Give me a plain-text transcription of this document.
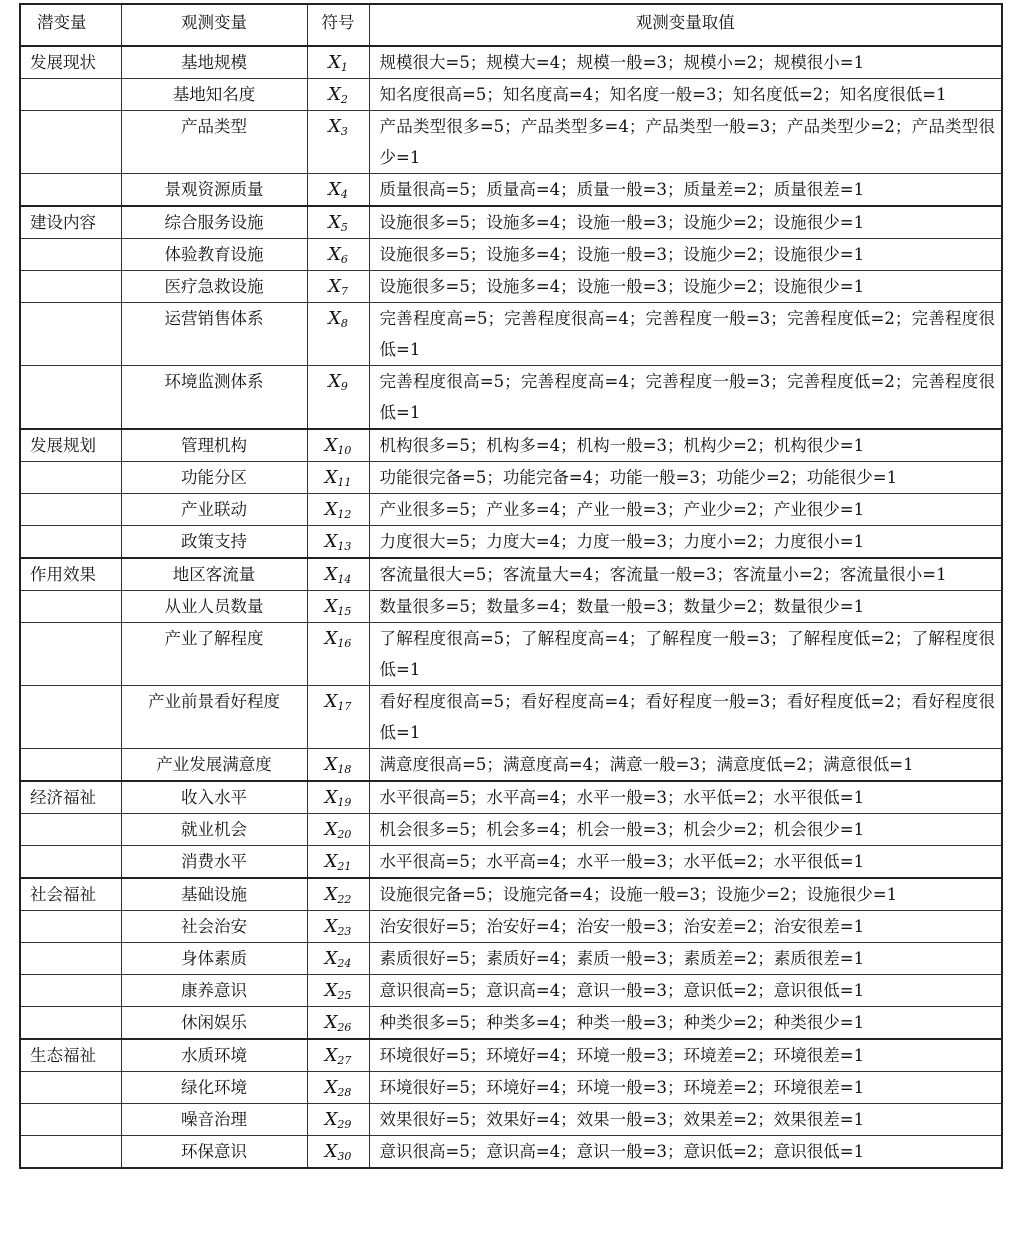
潜变量	观测变量	符号	观测变量取值
发展现状	基地规模	$X_1$	规模很大=5；规模大=4；规模一般=3；规模小=2；规模很小=1
	基地知名度	$X_2$	知名度很高=5；知名度高=4；知名度一般=3；知名度低=2；知名度很低=1
	产品类型	$X_3$	产品类型很多=5；产品类型多=4；产品类型一般=3；产品类型少=2；产品类型很少=1
	景观资源质量	$X_4$	质量很高=5；质量高=4；质量一般=3；质量差=2；质量很差=1
建设内容	综合服务设施	$X_5$	设施很多=5；设施多=4；设施一般=3；设施少=2；设施很少=1
	体验教育设施	$X_6$	设施很多=5；设施多=4；设施一般=3；设施少=2；设施很少=1
	医疗急救设施	$X_7$	设施很多=5；设施多=4；设施一般=3；设施少=2；设施很少=1
	运营销售体系	$X_8$	完善程度高=5；完善程度很高=4；完善程度一般=3；完善程度低=2；完善程度很低=1
	环境监测体系	$X_9$	完善程度很高=5；完善程度高=4；完善程度一般=3；完善程度低=2；完善程度很低=1
发展规划	管理机构	$X_{10}$	机构很多=5；机构多=4；机构一般=3；机构少=2；机构很少=1
	功能分区	$X_{11}$	功能很完备=5；功能完备=4；功能一般=3；功能少=2；功能很少=1
	产业联动	$X_{12}$	产业很多=5；产业多=4；产业一般=3；产业少=2；产业很少=1
	政策支持	$X_{13}$	力度很大=5；力度大=4；力度一般=3；力度小=2；力度很小=1
作用效果	地区客流量	$X_{14}$	客流量很大=5；客流量大=4；客流量一般=3；客流量小=2；客流量很小=1
	从业人员数量	$X_{15}$	数量很多=5；数量多=4；数量一般=3；数量少=2；数量很少=1
	产业了解程度	$X_{16}$	了解程度很高=5；了解程度高=4；了解程度一般=3；了解程度低=2；了解程度很低=1
	产业前景看好程度	$X_{17}$	看好程度很高=5；看好程度高=4；看好程度一般=3；看好程度低=2；看好程度很低=1
	产业发展满意度	$X_{18}$	满意度很高=5；满意度高=4；满意一般=3；满意度低=2；满意很低=1
经济福祉	收入水平	$X_{19}$	水平很高=5；水平高=4；水平一般=3；水平低=2；水平很低=1
	就业机会	$X_{20}$	机会很多=5；机会多=4；机会一般=3；机会少=2；机会很少=1
	消费水平	$X_{21}$	水平很高=5；水平高=4；水平一般=3；水平低=2；水平很低=1
社会福祉	基础设施	$X_{22}$	设施很完备=5；设施完备=4；设施一般=3；设施少=2；设施很少=1
	社会治安	$X_{23}$	治安很好=5；治安好=4；治安一般=3；治安差=2；治安很差=1
	身体素质	$X_{24}$	素质很好=5；素质好=4；素质一般=3；素质差=2；素质很差=1
	康养意识	$X_{25}$	意识很高=5；意识高=4；意识一般=3；意识低=2；意识很低=1
	休闲娱乐	$X_{26}$	种类很多=5；种类多=4；种类一般=3；种类少=2；种类很少=1
生态福祉	水质环境	$X_{27}$	环境很好=5；环境好=4；环境一般=3；环境差=2；环境很差=1
	绿化环境	$X_{28}$	环境很好=5；环境好=4；环境一般=3；环境差=2；环境很差=1
	噪音治理	$X_{29}$	效果很好=5；效果好=4；效果一般=3；效果差=2；效果很差=1
	环保意识	$X_{30}$	意识很高=5；意识高=4；意识一般=3；意识低=2；意识很低=1
